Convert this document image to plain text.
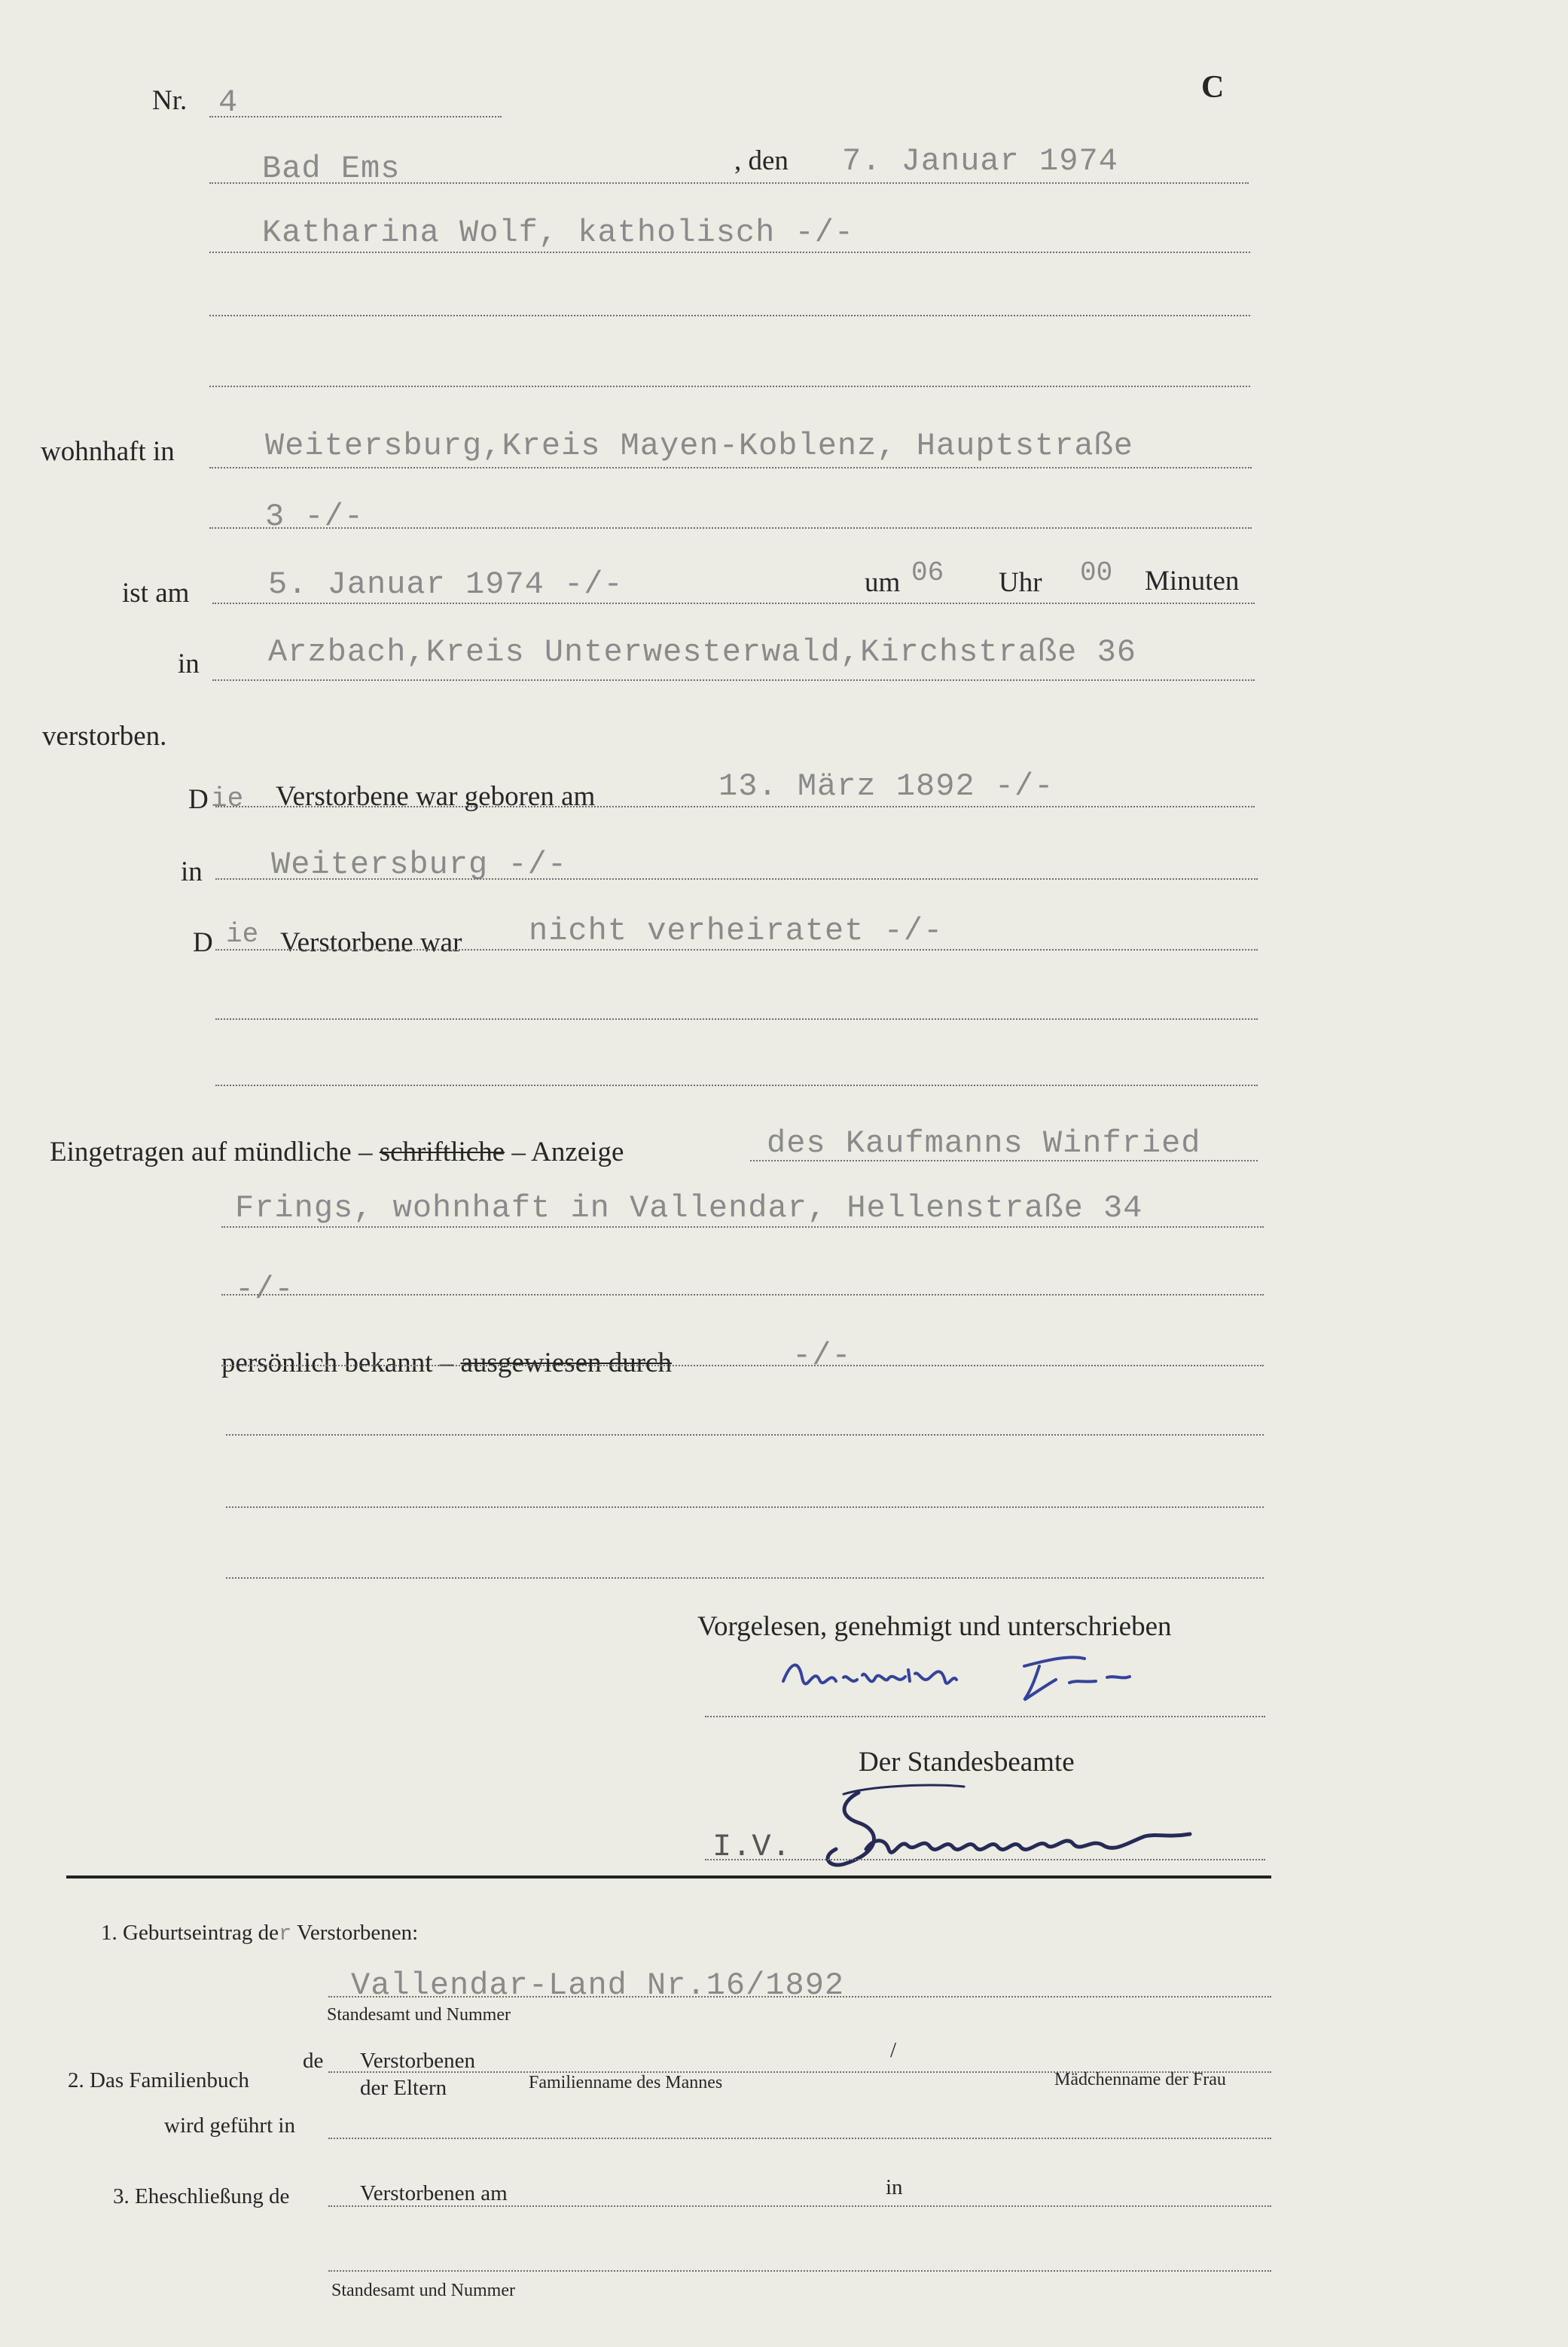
Nr. 4	C
Bad Ems	, den 7. Januar 1974
Katharina Wolf, katholisch -/-
wohnhaft in	Weitersburg,Kreis Mayen-Koblenz, Hauptstraße
3 -/-
ist am 5. Januar 1974 -/-	um 06 Uhr 00 Minuten
in Arzbach,Kreis Unterwesterwald,Kirchstraße 36
verstorben.
D ie Verstorbene war geboren am	13. März 1892 -/-
in Weitersburg -/-
D ie Verstorbene war nicht verheiratet -/-
Eingetragen auf mündliche – schriftliche – Anzeige	des Kaufmanns Winfried
Frings, wohnhaft in Vallendar, Hellenstraße 34
-/-
persönlich bekannt – ausgewiesen durch	-/-
Vorgelesen, genehmigt und unterschrieben
Der Standesbeamte
I.V.
1. Geburtseintrag der Verstorbenen:
Vallendar-Land Nr.16/1892
Standesamt und Nummer
2. Das Familienbuch
de Verstorbenen
der Eltern	Familienname des Mannes
/
Mädchenname der Frau
wird geführt in
3. Eheschließung de	Verstorbenen am	in
Standesamt und Nummer
